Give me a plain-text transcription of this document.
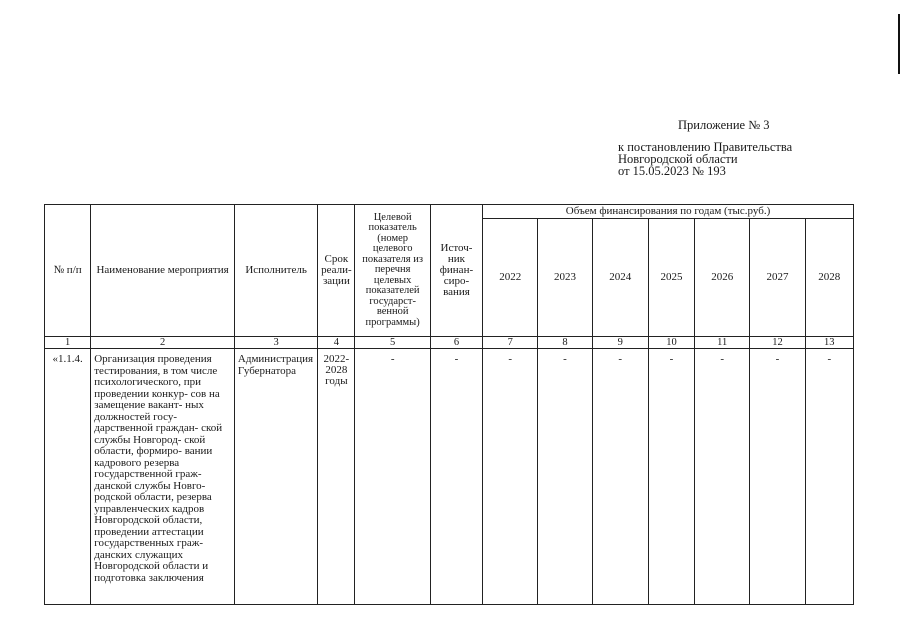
Приложение № 3
к постановлению Правительства
Новгородской области
от 15.05.2023 № 193
№ п/п	Наименование мероприятия	Исполнитель	Срок реали- зации	Целевой показатель (номер целевого показателя из перечня целевых показателей государст- венной программы)	Источ- ник финан- сиро- вания	Объем финансирования по годам (тыс.руб.)						
						2022	2023	2024	2025	2026	2027	2028
1	2	3	4	5	6	7	8	9	10	11	12	13
«1.1.4.	Организация проведения тестирования, в том числе психологического, при проведении конкур- сов на замещение вакант- ных должностей госу- дарственной граждан- ской службы Новгород- ской области, формиро- вании кадрового резерва государственной граж- данской службы Новго- родской области, резерва управленческих кадров Новгородской области, проведении аттестации государственных граж- данских служащих Новгородской области и подготовка заключения	Администрация Губернатора	2022- 2028 годы	-	-	-	-	-	-	-	-	-
